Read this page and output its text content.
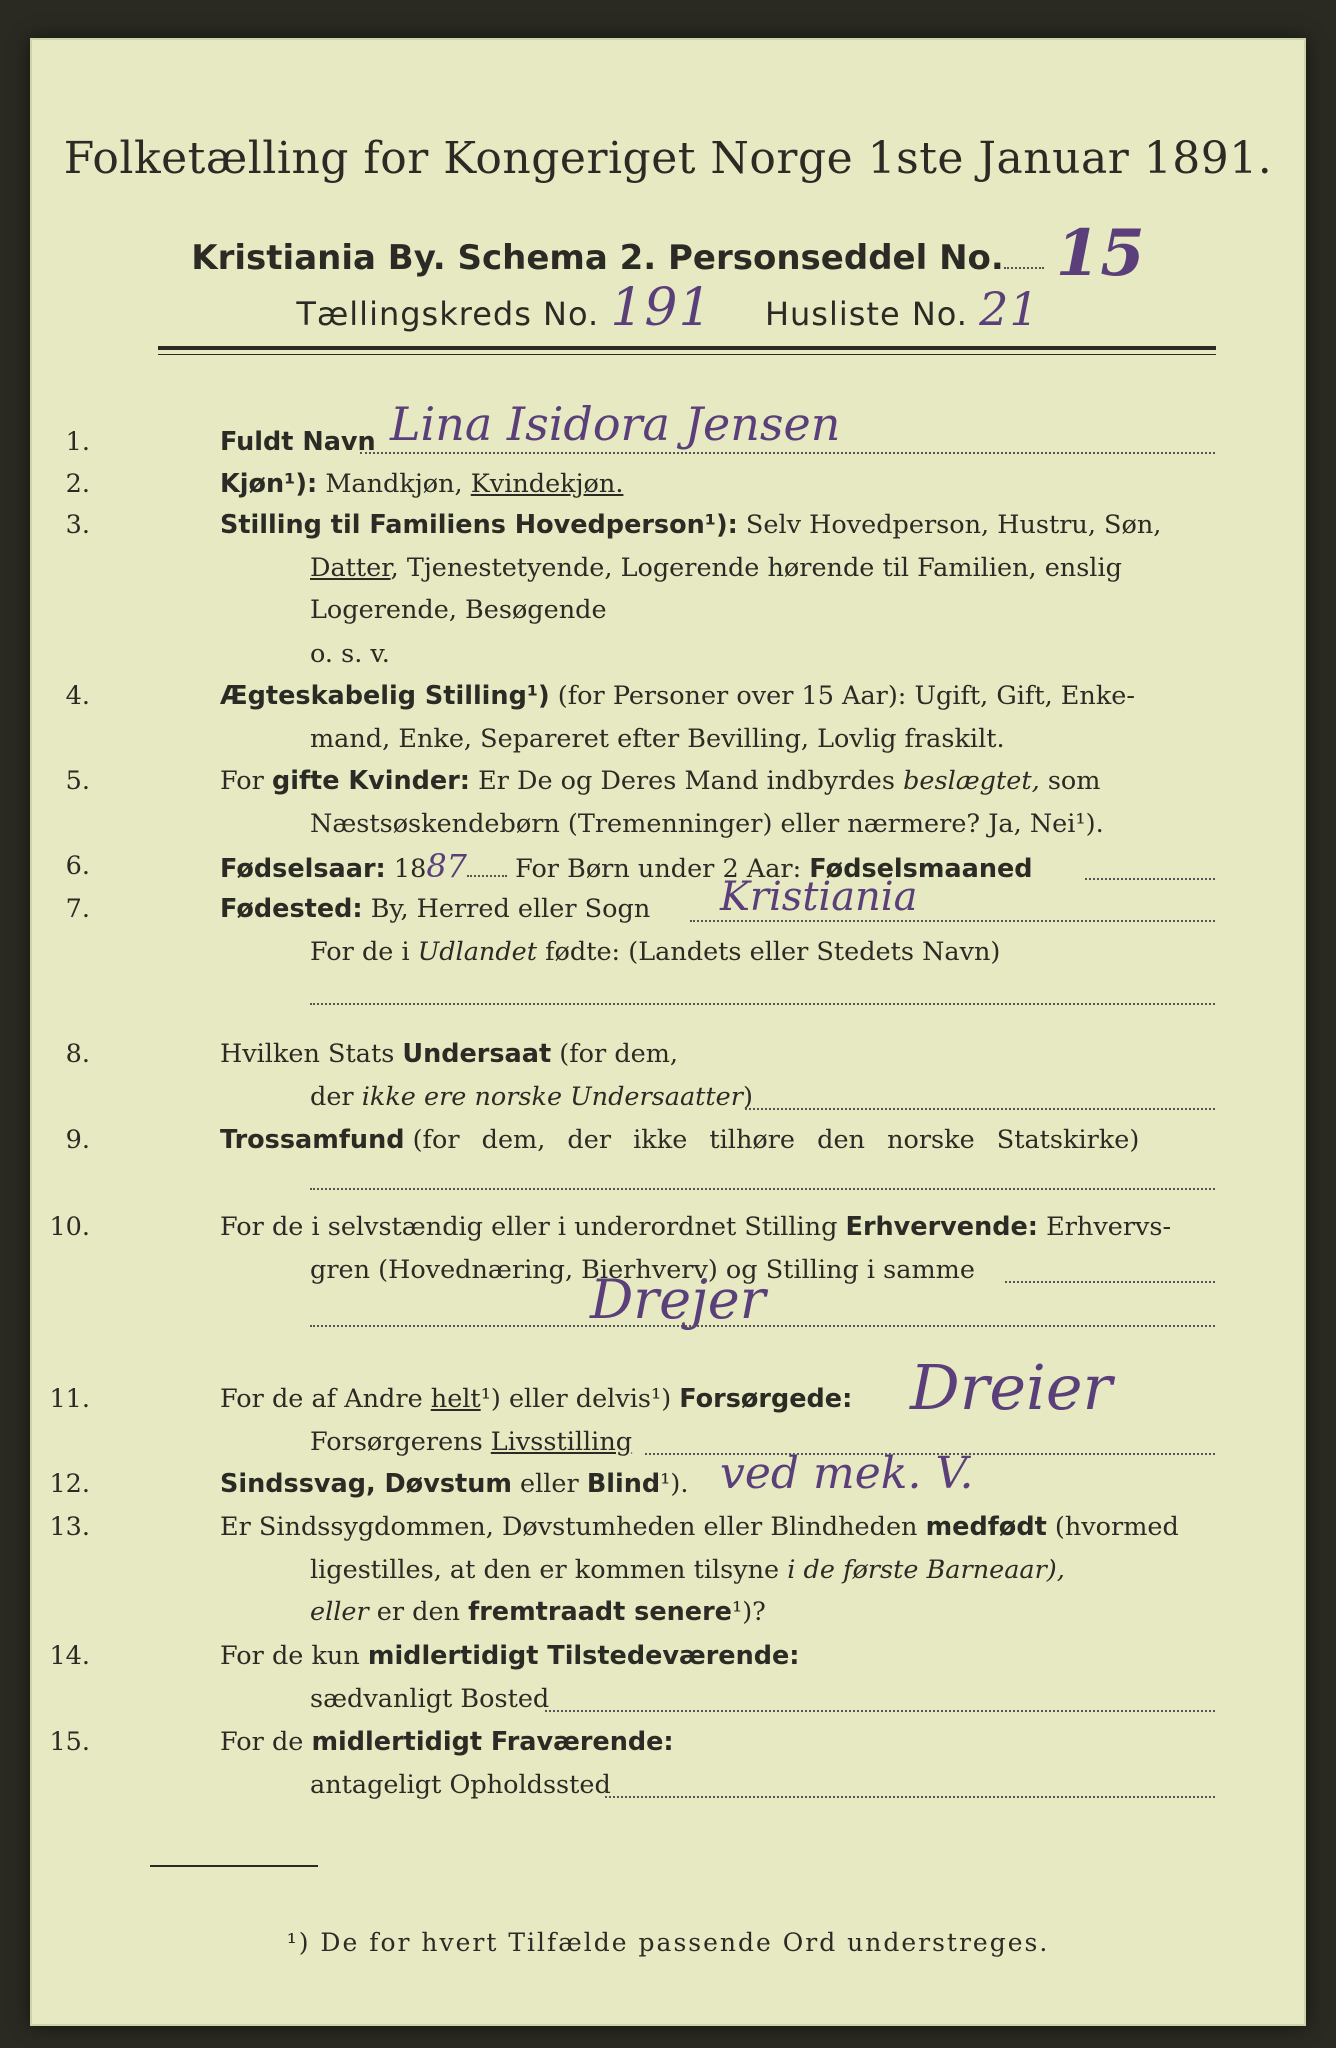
Folketælling for Kongeriget Norge 1ste Januar 1891.
Kristiania By. Schema 2. Personseddel No. 15
Tællingskreds No. 191 Husliste No. 21
1.	Fuldt Navn Lina Isidora Jensen
2.	Kjøn¹): Mandkjøn, Kvindekjøn.
3.	Stilling til Familiens Hovedperson¹): Selv Hovedperson, Hustru, Søn,
Datter, Tjenestetyende, Logerende hørende til Familien, enslig
Logerende, Besøgende
o. s. v.
4.	Ægteskabelig Stilling¹) (for Personer over 15 Aar): Ugift, Gift, Enke-
mand, Enke, Separeret efter Bevilling, Lovlig fraskilt.
5.	For gifte Kvinder: Er De og Deres Mand indbyrdes beslægtet, som
Næstsøskendebørn (Tremenninger) eller nærmere? Ja, Nei¹).
6.	Fødselsaar: 1887 For Børn under 2 Aar: Fødselsmaaned
7.	Fødested: By, Herred eller Sogn Kristiania
For de i Udlandet fødte: (Landets eller Stedets Navn)
8.	Hvilken Stats Undersaat (for dem,
der ikke ere norske Undersaatter)
9.	Trossamfund (for dem, der ikke tilhøre den norske Statskirke)
10.	For de i selvstændig eller i underordnet Stilling Erhvervende: Erhvervs-
gren (Hovednæring, Bierhverv) og Stilling i samme
Drejer
11.	For de af Andre helt¹) eller delvis¹) Forsørgede:
Forsørgerens Livsstilling
Dreier
12.	Sindssvag, Døvstum eller Blind¹). ved mek. V.
13.	Er Sindssygdommen, Døvstumheden eller Blindheden medfødt (hvormed
ligestilles, at den er kommen tilsyne i de første Barneaar),
eller er den fremtraadt senere¹)?
14.	For de kun midlertidigt Tilstedeværende:
sædvanligt Bosted
15.	For de midlertidigt Fraværende:
antageligt Opholdssted
¹) De for hvert Tilfælde passende Ord understreges.
